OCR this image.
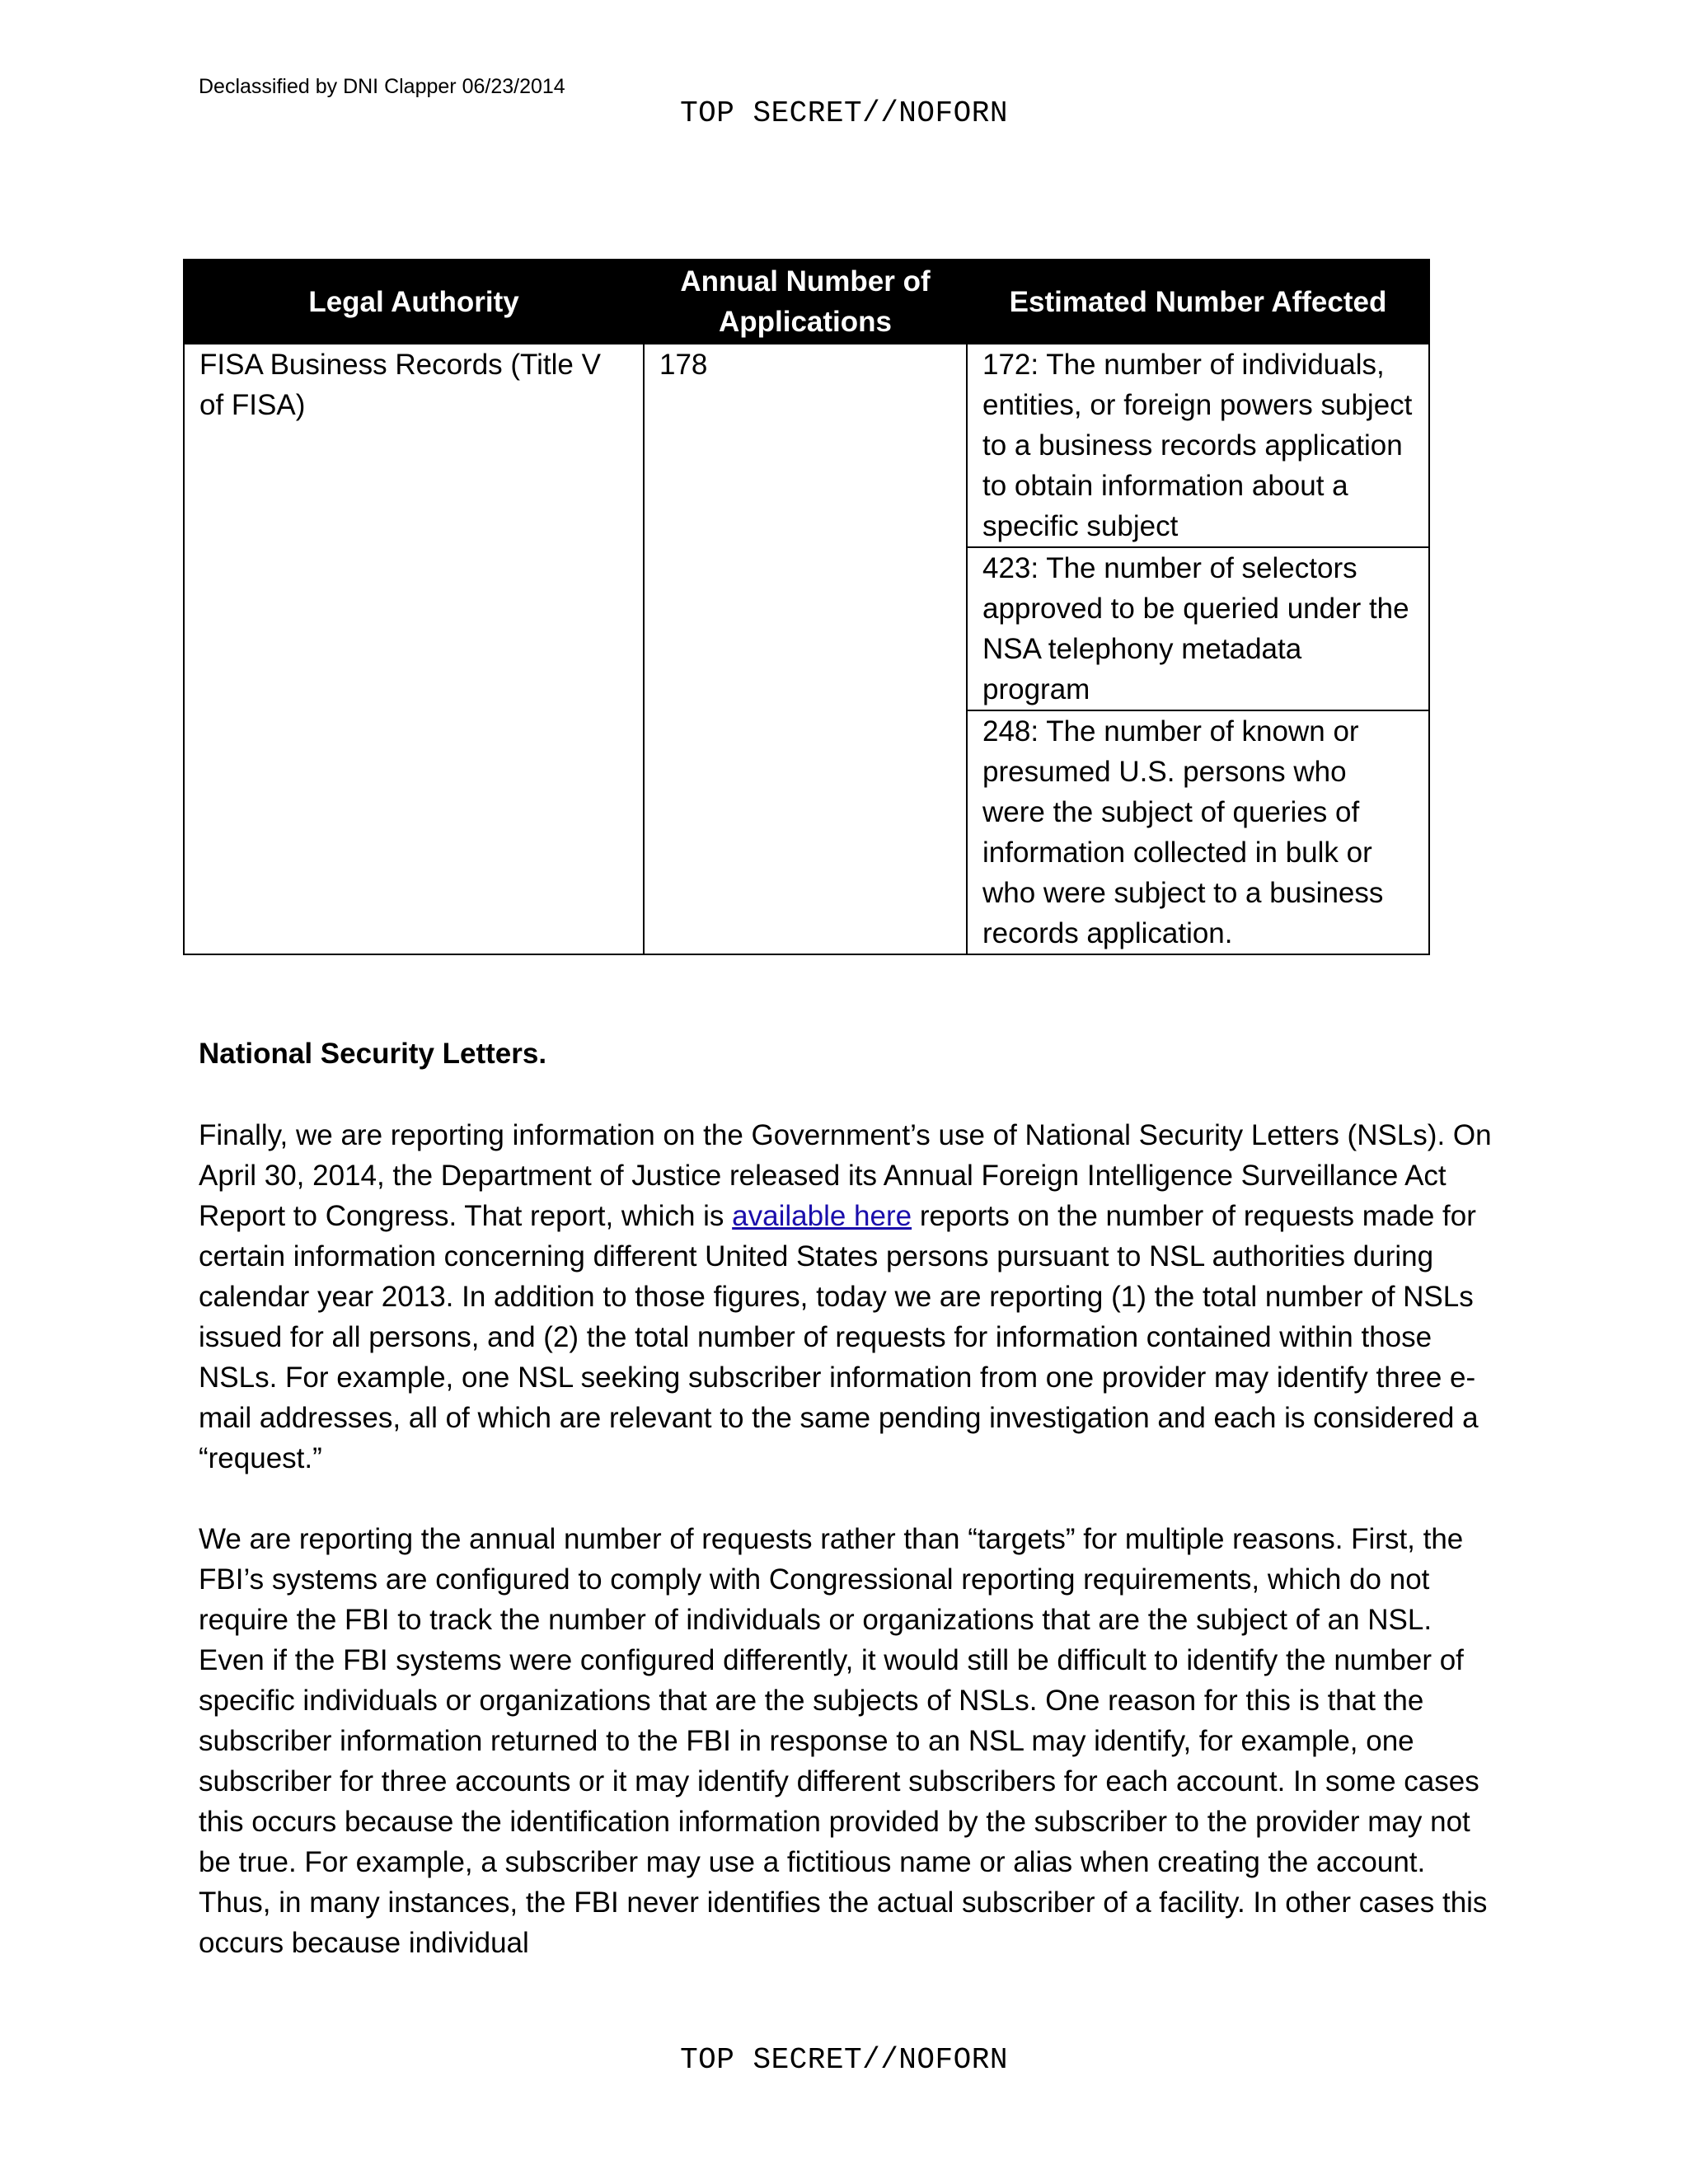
Declassified by DNI Clapper 06/23/2014
TOP SECRET//NOFORN
Legal Authority	Annual Number of Applications	Estimated Number Affected
FISA Business Records (Title V of FISA)	178	172: The number of individuals, entities, or foreign powers subject to a business records application to obtain information about a specific subject
		423: The number of selectors approved to be queried under the NSA telephony metadata program
		248: The number of known or presumed U.S. persons who were the subject of queries of information collected in bulk or who were subject to a business records application.

National Security Letters.

Finally, we are reporting information on the Government’s use of National Security Letters (NSLs). On April 30, 2014, the Department of Justice released its Annual Foreign Intelligence Surveillance Act Report to Congress. That report, which is available here reports on the number of requests made for certain information concerning different United States persons pursuant to NSL authorities during calendar year 2013. In addition to those figures, today we are reporting (1) the total number of NSLs issued for all persons, and (2) the total number of requests for information contained within those NSLs. For example, one NSL seeking subscriber information from one provider may identify three e-mail addresses, all of which are relevant to the same pending investigation and each is considered a “request.”

We are reporting the annual number of requests rather than “targets” for multiple reasons. First, the FBI’s systems are configured to comply with Congressional reporting requirements, which do not require the FBI to track the number of individuals or organizations that are the subject of an NSL. Even if the FBI systems were configured differently, it would still be difficult to identify the number of specific individuals or organizations that are the subjects of NSLs. One reason for this is that the subscriber information returned to the FBI in response to an NSL may identify, for example, one subscriber for three accounts or it may identify different subscribers for each account. In some cases this occurs because the identification information provided by the subscriber to the provider may not be true. For example, a subscriber may use a fictitious name or alias when creating the account. Thus, in many instances, the FBI never identifies the actual subscriber of a facility. In other cases this occurs because individual

TOP SECRET//NOFORN
